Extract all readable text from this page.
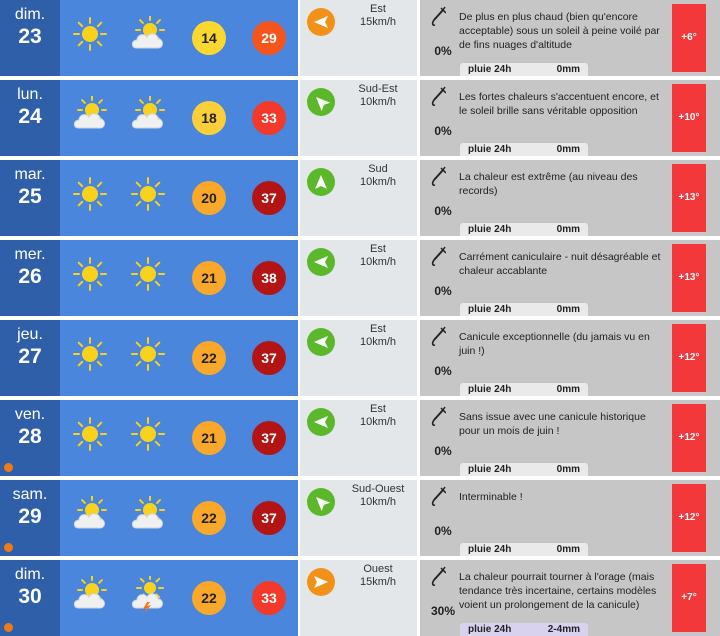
dim.
23	14	29
Est
15km/h
0%
De plus en plus chaud (bien qu'encore acceptable) sous un soleil à peine voilé par de fins nuages d'altitude
pluie 24h	0mm
+6°
lun.
24	18	33
Sud-Est
10km/h
0%
Les fortes chaleurs s'accentuent encore, et le soleil brille sans véritable opposition
pluie 24h	0mm
+10°
mar.
25	20	37
Sud
10km/h
0%
La chaleur est extrême (au niveau des records)
pluie 24h	0mm
+13°
mer.
26	21	38
Est
10km/h
0%
Carrément caniculaire - nuit désagréable et chaleur accablante
pluie 24h	0mm
+13°
jeu.
27	22	37
Est
10km/h
0%
Canicule exceptionnelle (du jamais vu en juin !)
pluie 24h	0mm
+12°
ven.
28	21	37
Est
10km/h
0%
Sans issue avec une canicule historique pour un mois de juin !
pluie 24h	0mm
+12°
sam.
29	22	37
Sud-Ouest
10km/h
0%
Interminable !
pluie 24h	0mm
+12°
dim.
30	22	33
Ouest
15km/h
30%
La chaleur pourrait tourner à l'orage (mais tendance très incertaine, certains modèles voient un prolongement de la canicule)
pluie 24h	2-4mm
+7°
